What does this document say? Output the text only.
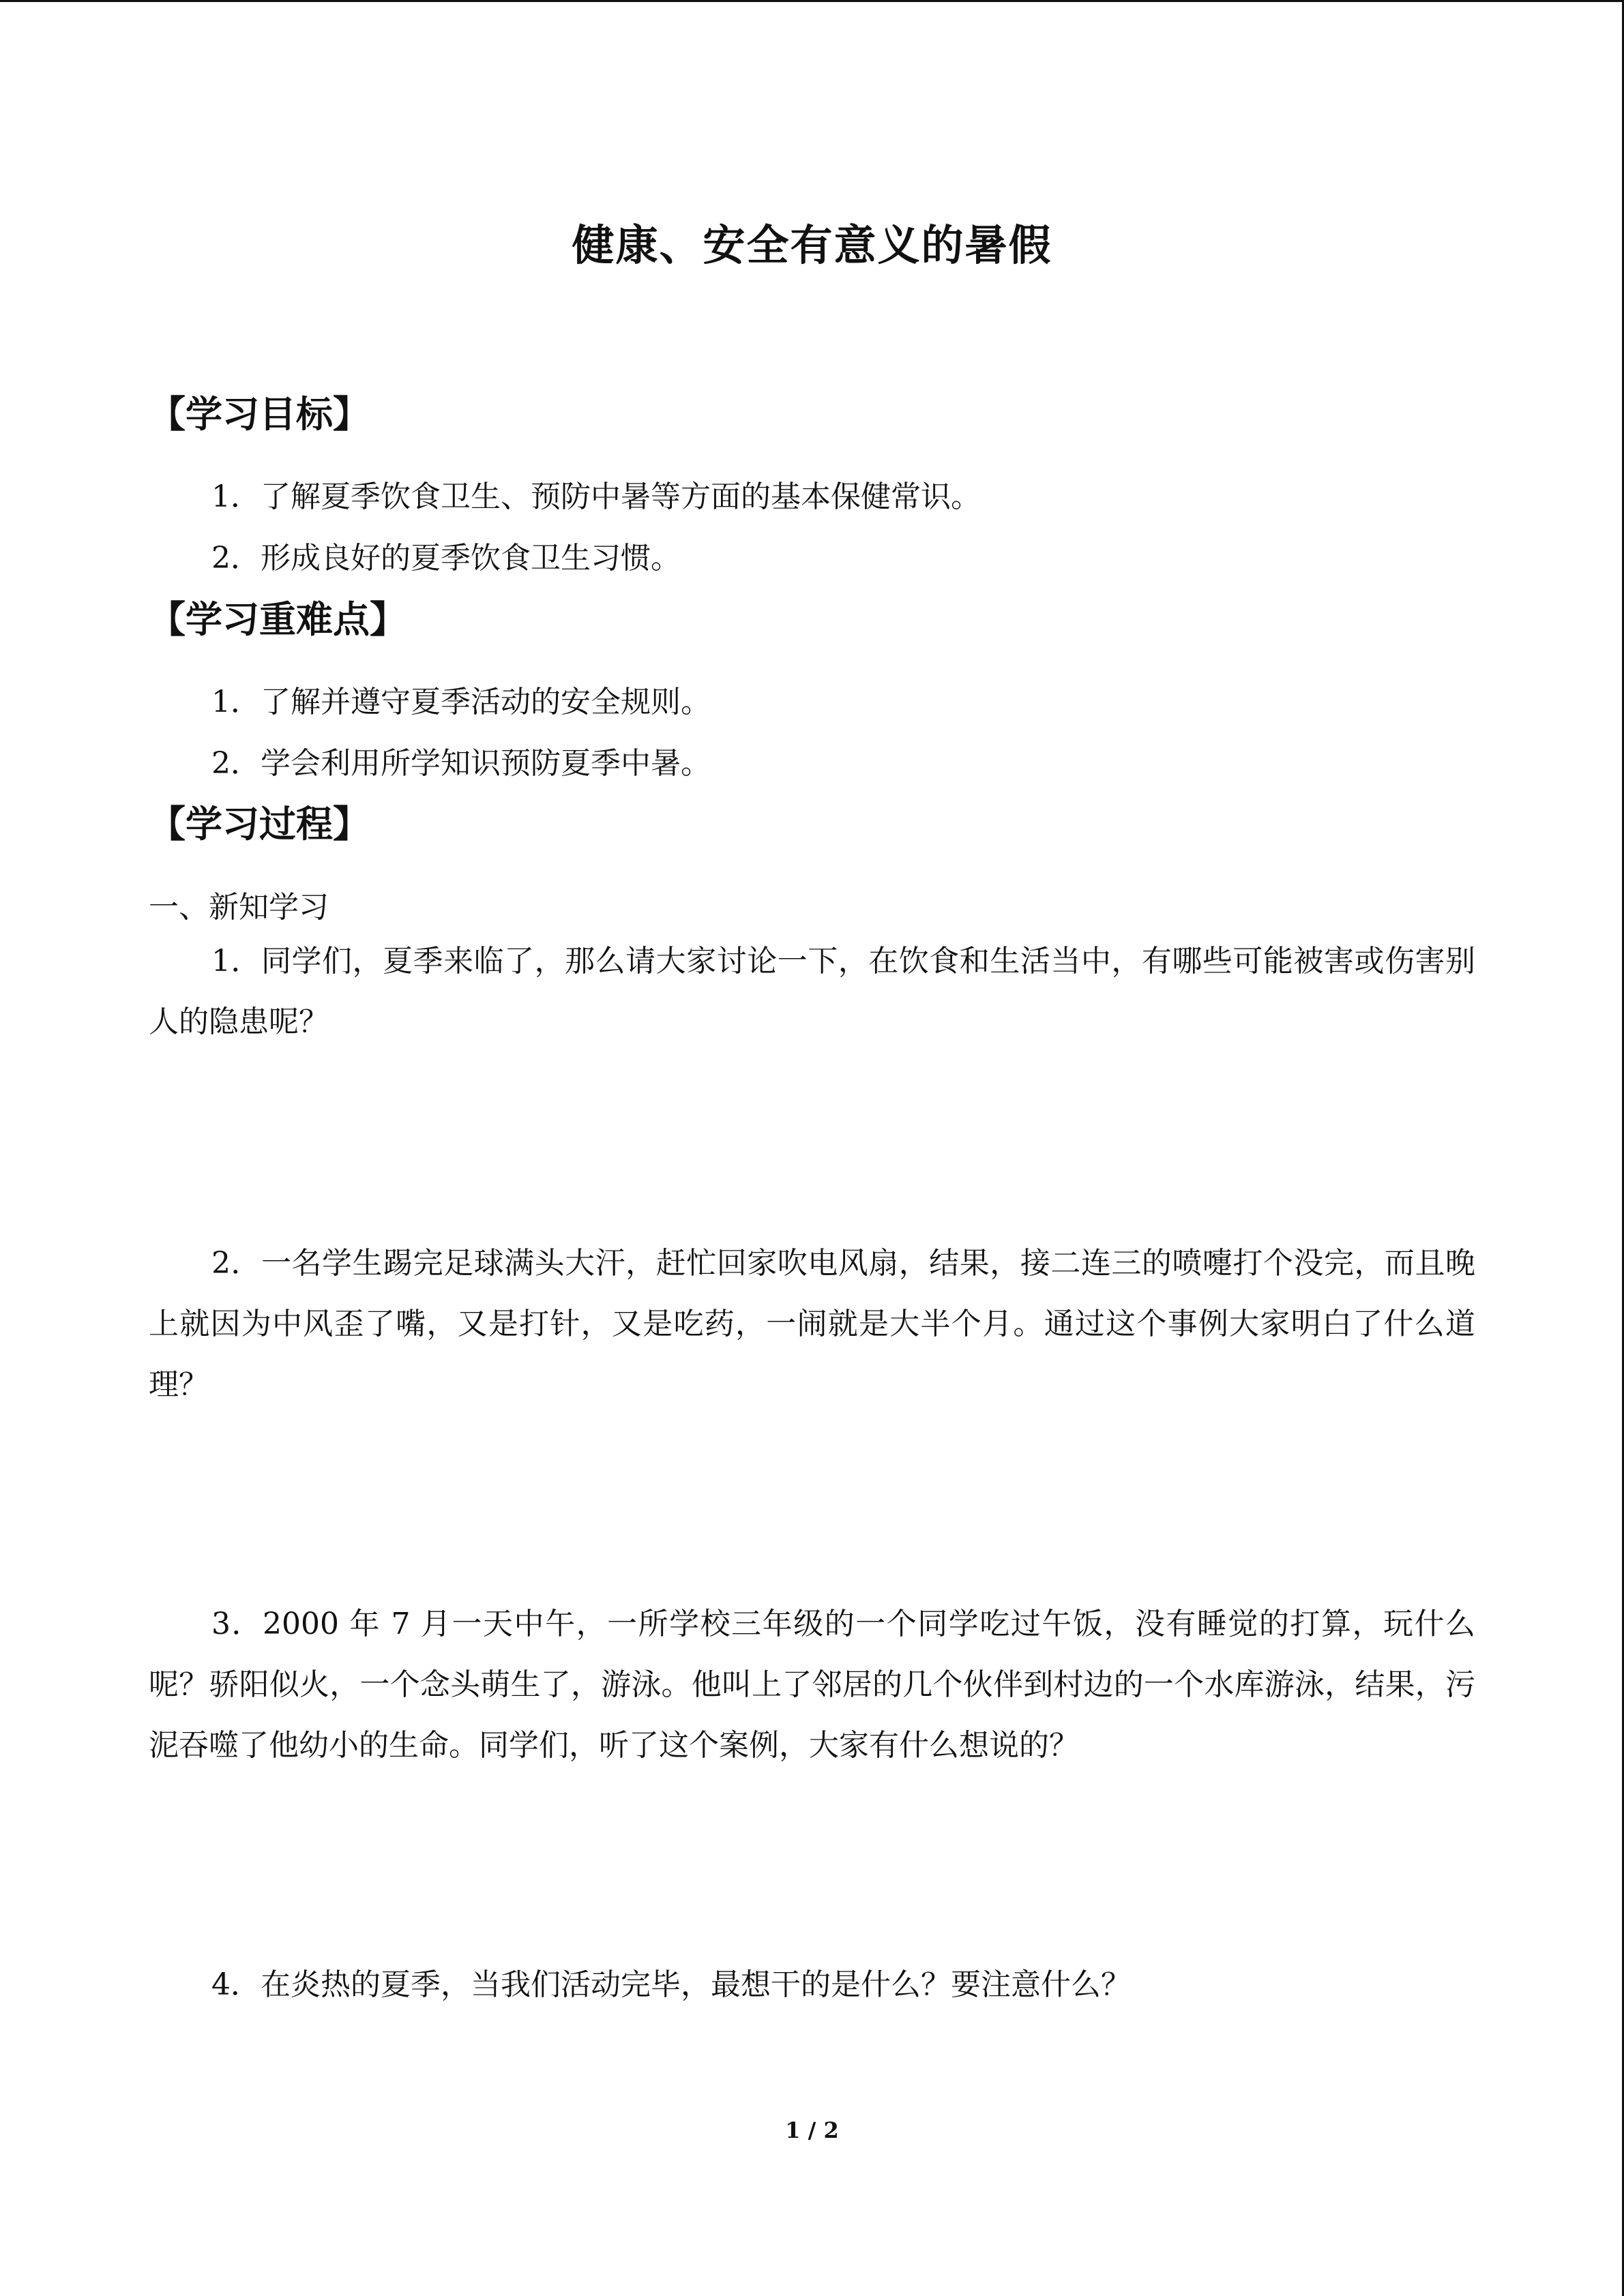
健康、安全有意义的暑假
【学习目标】
1．了解夏季饮食卫生、预防中暑等方面的基本保健常识。
2．形成良好的夏季饮食卫生习惯。
【学习重难点】
1．了解并遵守夏季活动的安全规则。
2．学会利用所学知识预防夏季中暑。
【学习过程】
一、新知学习
1．同学们，夏季来临了，那么请大家讨论一下，在饮食和生活当中，有哪些可能被害或伤害别人的隐患呢？
2．一名学生踢完足球满头大汗，赶忙回家吹电风扇，结果，接二连三的喷嚏打个没完，而且晚上就因为中风歪了嘴，又是打针，又是吃药，一闹就是大半个月。通过这个事例大家明白了什么道理？
3．2000 年 7 月一天中午，一所学校三年级的一个同学吃过午饭，没有睡觉的打算，玩什么呢？骄阳似火，一个念头萌生了，游泳。他叫上了邻居的几个伙伴到村边的一个水库游泳，结果，污泥吞噬了他幼小的生命。同学们，听了这个案例，大家有什么想说的？
4．在炎热的夏季，当我们活动完毕，最想干的是什么？要注意什么？
1 / 2
